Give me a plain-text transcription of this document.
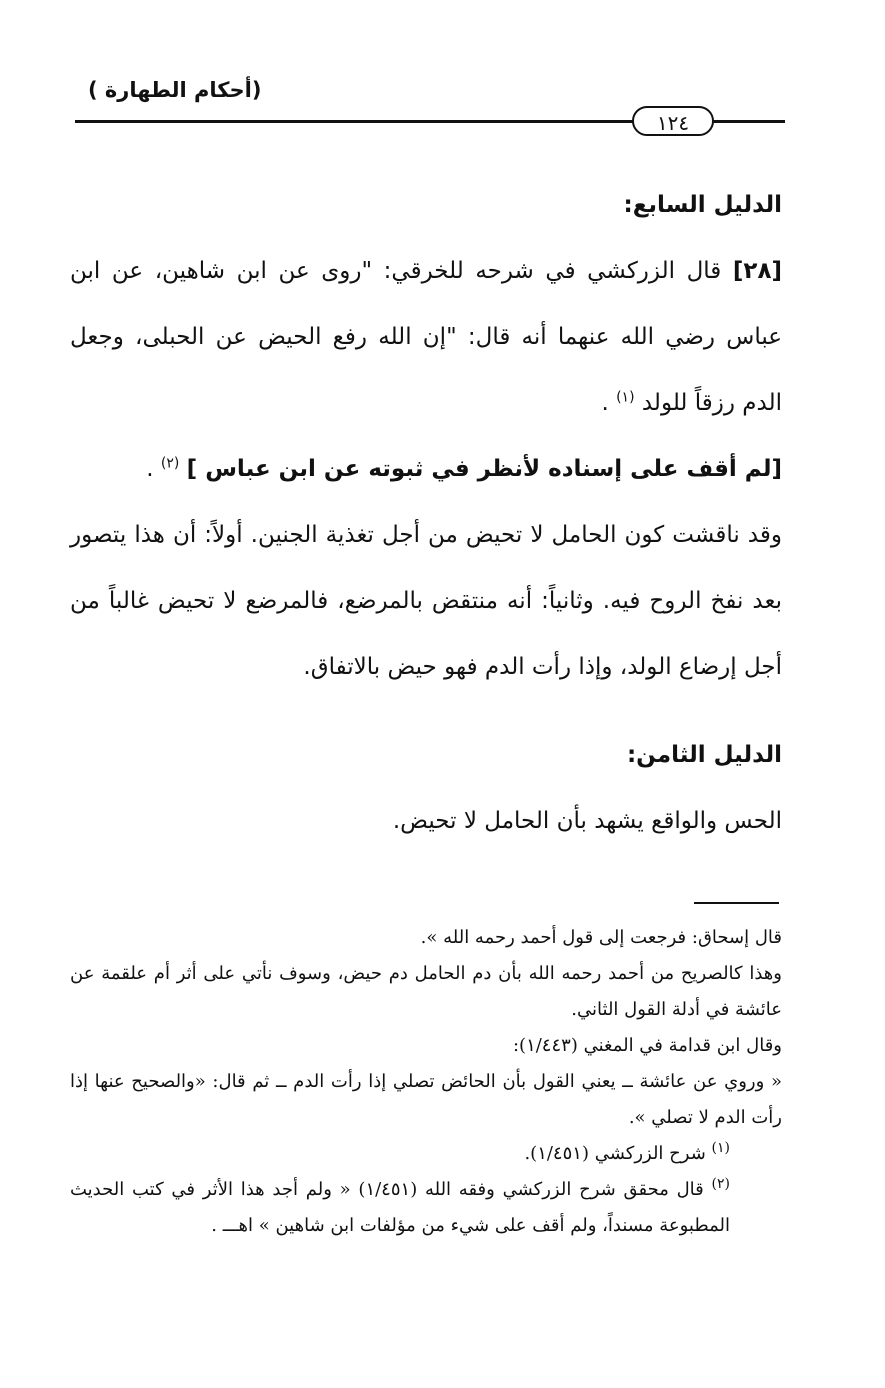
(أحكام الطهارة )
١٢٤

الدليل السابع:

[٢٨] قال الزركشي في شرحه للخرقي: "روى عن ابن شاهين، عن ابن عباس رضي الله عنهما أنه قال: "إن الله رفع الحيض عن الحبلى، وجعل الدم رزقاً للولد $^{(١)}$ .

[لم أقف على إسناده لأنظر في ثبوته عن ابن عباس ] $^{(٢)}$ .

وقد ناقشت كون الحامل لا تحيض من أجل تغذية الجنين. أولاً: أن هذا يتصور بعد نفخ الروح فيه. وثانياً: أنه منتقض بالمرضع، فالمرضع لا تحيض غالباً من أجل إرضاع الولد، وإذا رأت الدم فهو حيض بالاتفاق.

الدليل الثامن:

الحس والواقع يشهد بأن الحامل لا تحيض.

قال إسحاق: فرجعت إلى قول أحمد رحمه الله ».

وهذا كالصريح من أحمد رحمه الله بأن دم الحامل دم حيض، وسوف نأتي على أثر أم علقمة عن عائشة في أدلة القول الثاني.

وقال ابن قدامة في المغني (١/٤٤٣):

« وروي عن عائشة ــ يعني القول بأن الحائض تصلي إذا رأت الدم ــ ثم قال: «والصحيح عنها إذا رأت الدم لا تصلي ».

$^{(١)}$ شرح الزركشي (١/٤٥١).

$^{(٢)}$ قال محقق شرح الزركشي وفقه الله (١/٤٥١) « ولم أجد هذا الأثر في كتب الحديث المطبوعة مسنداً، ولم أقف على شيء من مؤلفات ابن شاهين » اهـــ .
